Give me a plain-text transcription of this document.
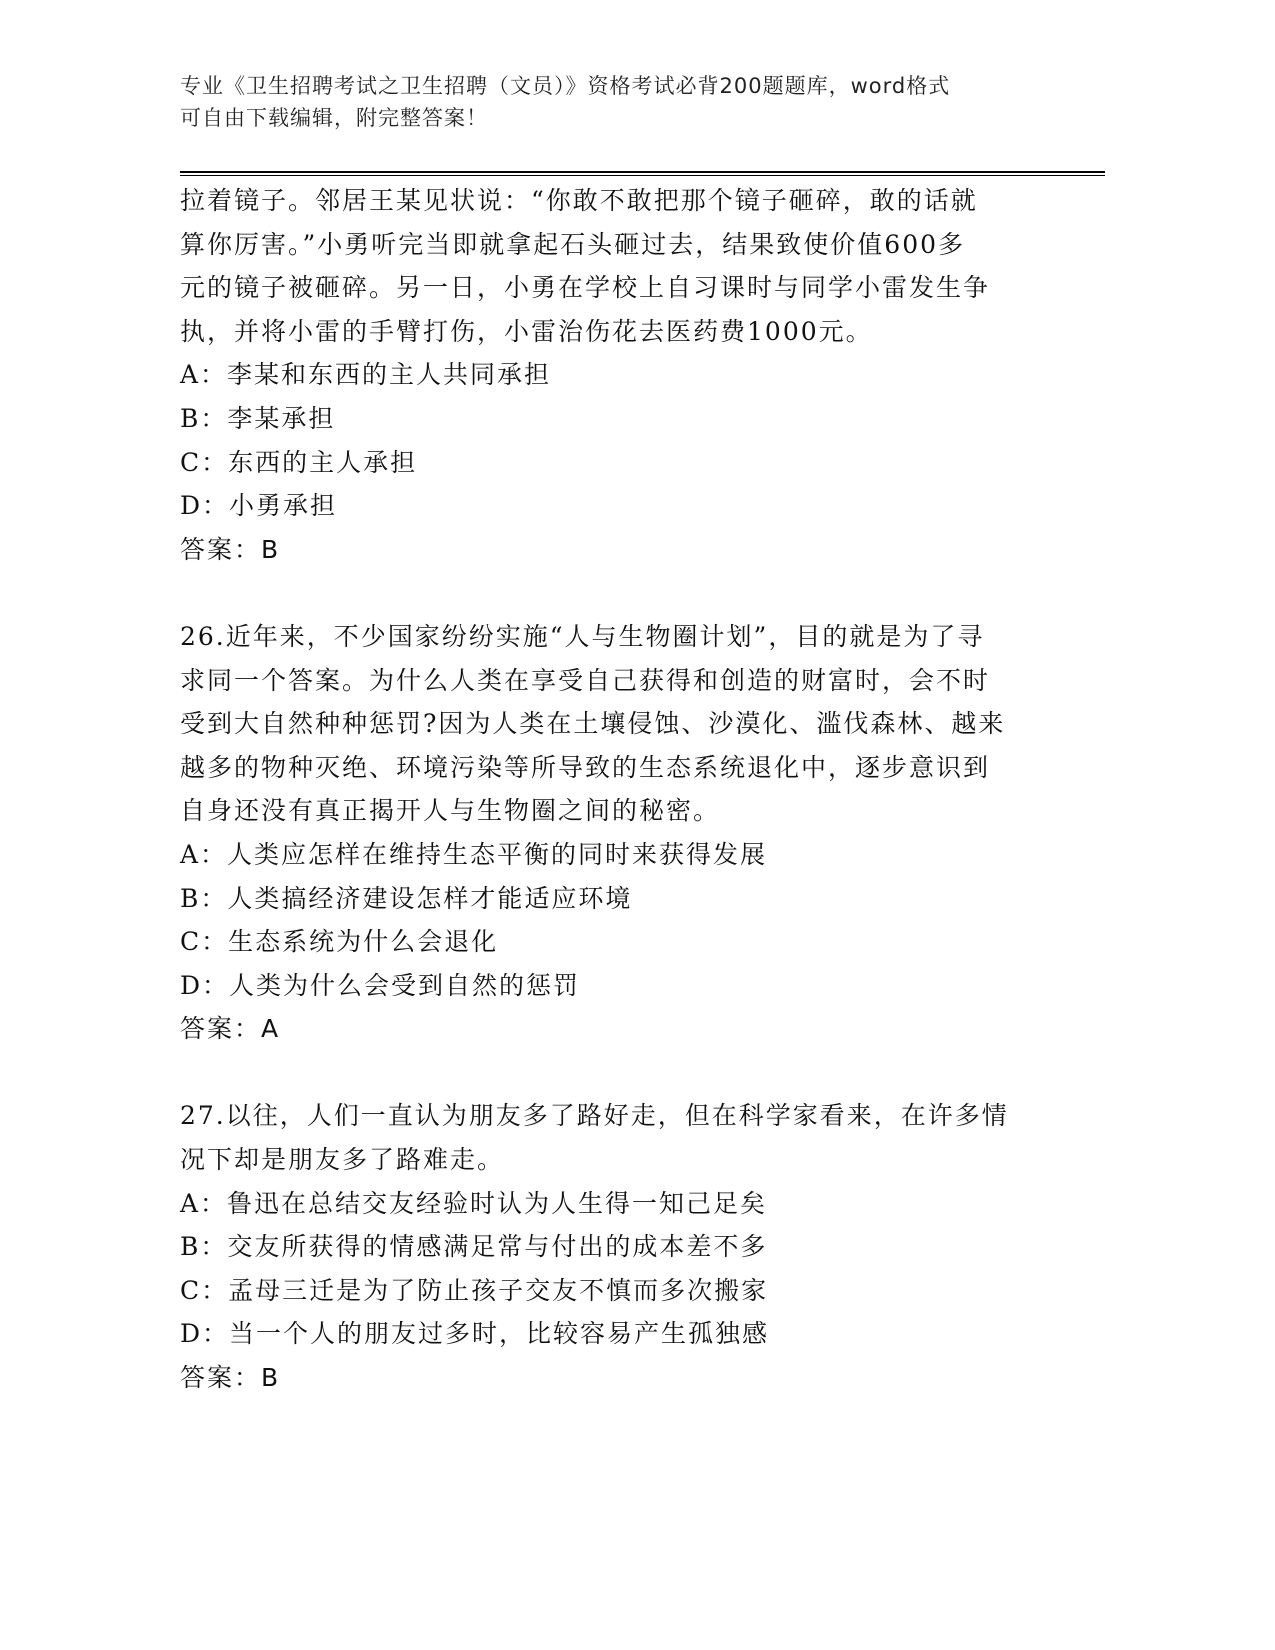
专业《卫生招聘考试之卫生招聘（文员）》资格考试必背200题题库，word格式
可自由下载编辑，附完整答案！
拉着镜子。邻居王某见状说：“你敢不敢把那个镜子砸碎，敢的话就
算你厉害。”小勇听完当即就拿起石头砸过去，结果致使价值600多
元的镜子被砸碎。另一日，小勇在学校上自习课时与同学小雷发生争
执，并将小雷的手臂打伤，小雷治伤花去医药费1000元。
A：李某和东西的主人共同承担
B：李某承担
C：东西的主人承担
D：小勇承担
答案：B
26.近年来，不少国家纷纷实施“人与生物圈计划”，目的就是为了寻
求同一个答案。为什么人类在享受自己获得和创造的财富时，会不时
受到大自然种种惩罚?因为人类在土壤侵蚀、沙漠化、滥伐森林、越来
越多的物种灭绝、环境污染等所导致的生态系统退化中，逐步意识到
自身还没有真正揭开人与生物圈之间的秘密。
A：人类应怎样在维持生态平衡的同时来获得发展
B：人类搞经济建设怎样才能适应环境
C：生态系统为什么会退化
D：人类为什么会受到自然的惩罚
答案：A
27.以往，人们一直认为朋友多了路好走，但在科学家看来，在许多情
况下却是朋友多了路难走。
A：鲁迅在总结交友经验时认为人生得一知己足矣
B：交友所获得的情感满足常与付出的成本差不多
C：孟母三迁是为了防止孩子交友不慎而多次搬家
D：当一个人的朋友过多时，比较容易产生孤独感
答案：B
